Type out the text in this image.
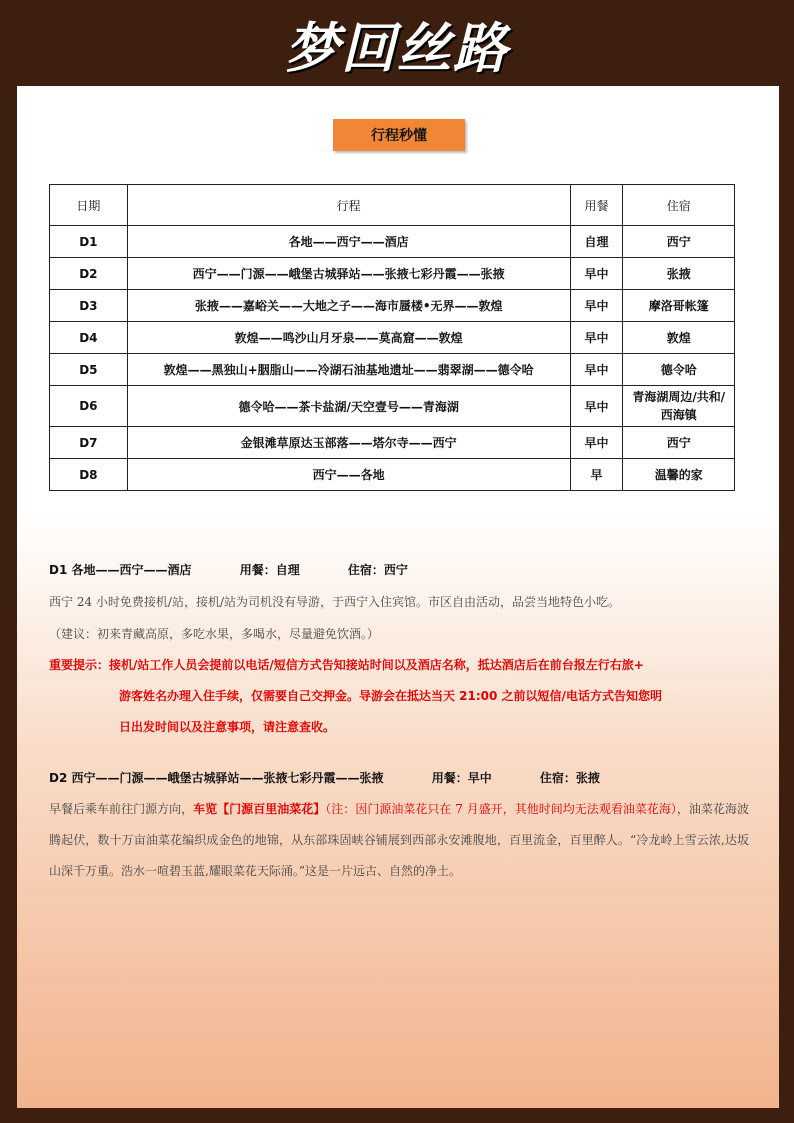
梦回丝路
行程秒懂
日期	行程	用餐	住宿
D1	各地——西宁——酒店	自理	西宁
D2	西宁——门源——峨堡古城驿站——张掖七彩丹霞——张掖	早中	张掖
D3	张掖——嘉峪关——大地之子——海市蜃楼•无界——敦煌	早中	摩洛哥帐篷
D4	敦煌——鸣沙山月牙泉——莫高窟——敦煌	早中	敦煌
D5	敦煌——黑独山+胭脂山——冷湖石油基地遗址——翡翠湖——德令哈	早中	德令哈
D6	德令哈——茶卡盐湖/天空壹号——青海湖	早中	青海湖周边/共和/西海镇
D7	金银滩草原达玉部落——塔尔寺——西宁	早中	西宁
D8	西宁——各地	早	温馨的家
D1 各地——西宁——酒店	用餐：自理	住宿：西宁
西宁 24 小时免费接机/站，接机/站为司机没有导游，于西宁入住宾馆。市区自由活动，品尝当地特色小吃。
（建议：初来青藏高原，多吃水果，多喝水，尽量避免饮酒。）
重要提示：接机/站工作人员会提前以电话/短信方式告知接站时间以及酒店名称，抵达酒店后在前台报左行右旅+
游客姓名办理入住手续，仅需要自己交押金。导游会在抵达当天 21:00 之前以短信/电话方式告知您明
日出发时间以及注意事项，请注意查收。
D2 西宁——门源——峨堡古城驿站——张掖七彩丹霞——张掖	用餐：早中	住宿：张掖
早餐后乘车前往门源方向，车览【门源百里油菜花】（注：因门源油菜花只在 7 月盛开，其他时间均无法观看油菜花海），油菜花海波腾起伏，数十万亩油菜花编织成金色的地锦，从东部珠固峡谷铺展到西部永安滩腹地，百里流金，百里醉人。“冷龙岭上雪云浓,达坂山深千万重。浩水一喧碧玉蓝,耀眼菜花天际涌。”这是一片远古、自然的净土。
